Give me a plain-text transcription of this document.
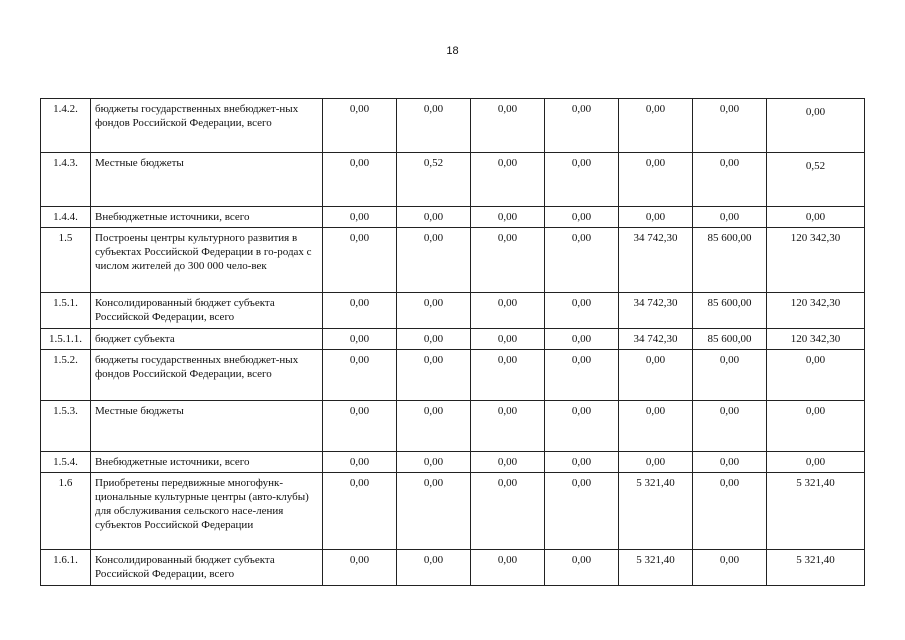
18
1.4.2.	бюджеты государственных внебюджет-ных фондов Российской Федерации, всего	0,00	0,00	0,00	0,00	0,00	0,00	0,00
1.4.3.	Местные бюджеты	0,00	0,52	0,00	0,00	0,00	0,00	0,52
1.4.4.	Внебюджетные источники, всего	0,00	0,00	0,00	0,00	0,00	0,00	0,00
1.5	Построены центры культурного развития в субъектах Российской Федерации в го-родах с числом жителей до 300 000 чело-век	0,00	0,00	0,00	0,00	34 742,30	85 600,00	120 342,30
1.5.1.	Консолидированный бюджет субъекта Российской Федерации, всего	0,00	0,00	0,00	0,00	34 742,30	85 600,00	120 342,30
1.5.1.1.	бюджет субъекта	0,00	0,00	0,00	0,00	34 742,30	85 600,00	120 342,30
1.5.2.	бюджеты государственных внебюджет-ных фондов Российской Федерации, всего	0,00	0,00	0,00	0,00	0,00	0,00	0,00
1.5.3.	Местные бюджеты	0,00	0,00	0,00	0,00	0,00	0,00	0,00
1.5.4.	Внебюджетные источники, всего	0,00	0,00	0,00	0,00	0,00	0,00	0,00
1.6	Приобретены передвижные многофунк-циональные культурные центры (авто-клубы) для обслуживания сельского насе-ления субъектов Российской Федерации	0,00	0,00	0,00	0,00	5 321,40	0,00	5 321,40
1.6.1.	Консолидированный бюджет субъекта Российской Федерации, всего	0,00	0,00	0,00	0,00	5 321,40	0,00	5 321,40
